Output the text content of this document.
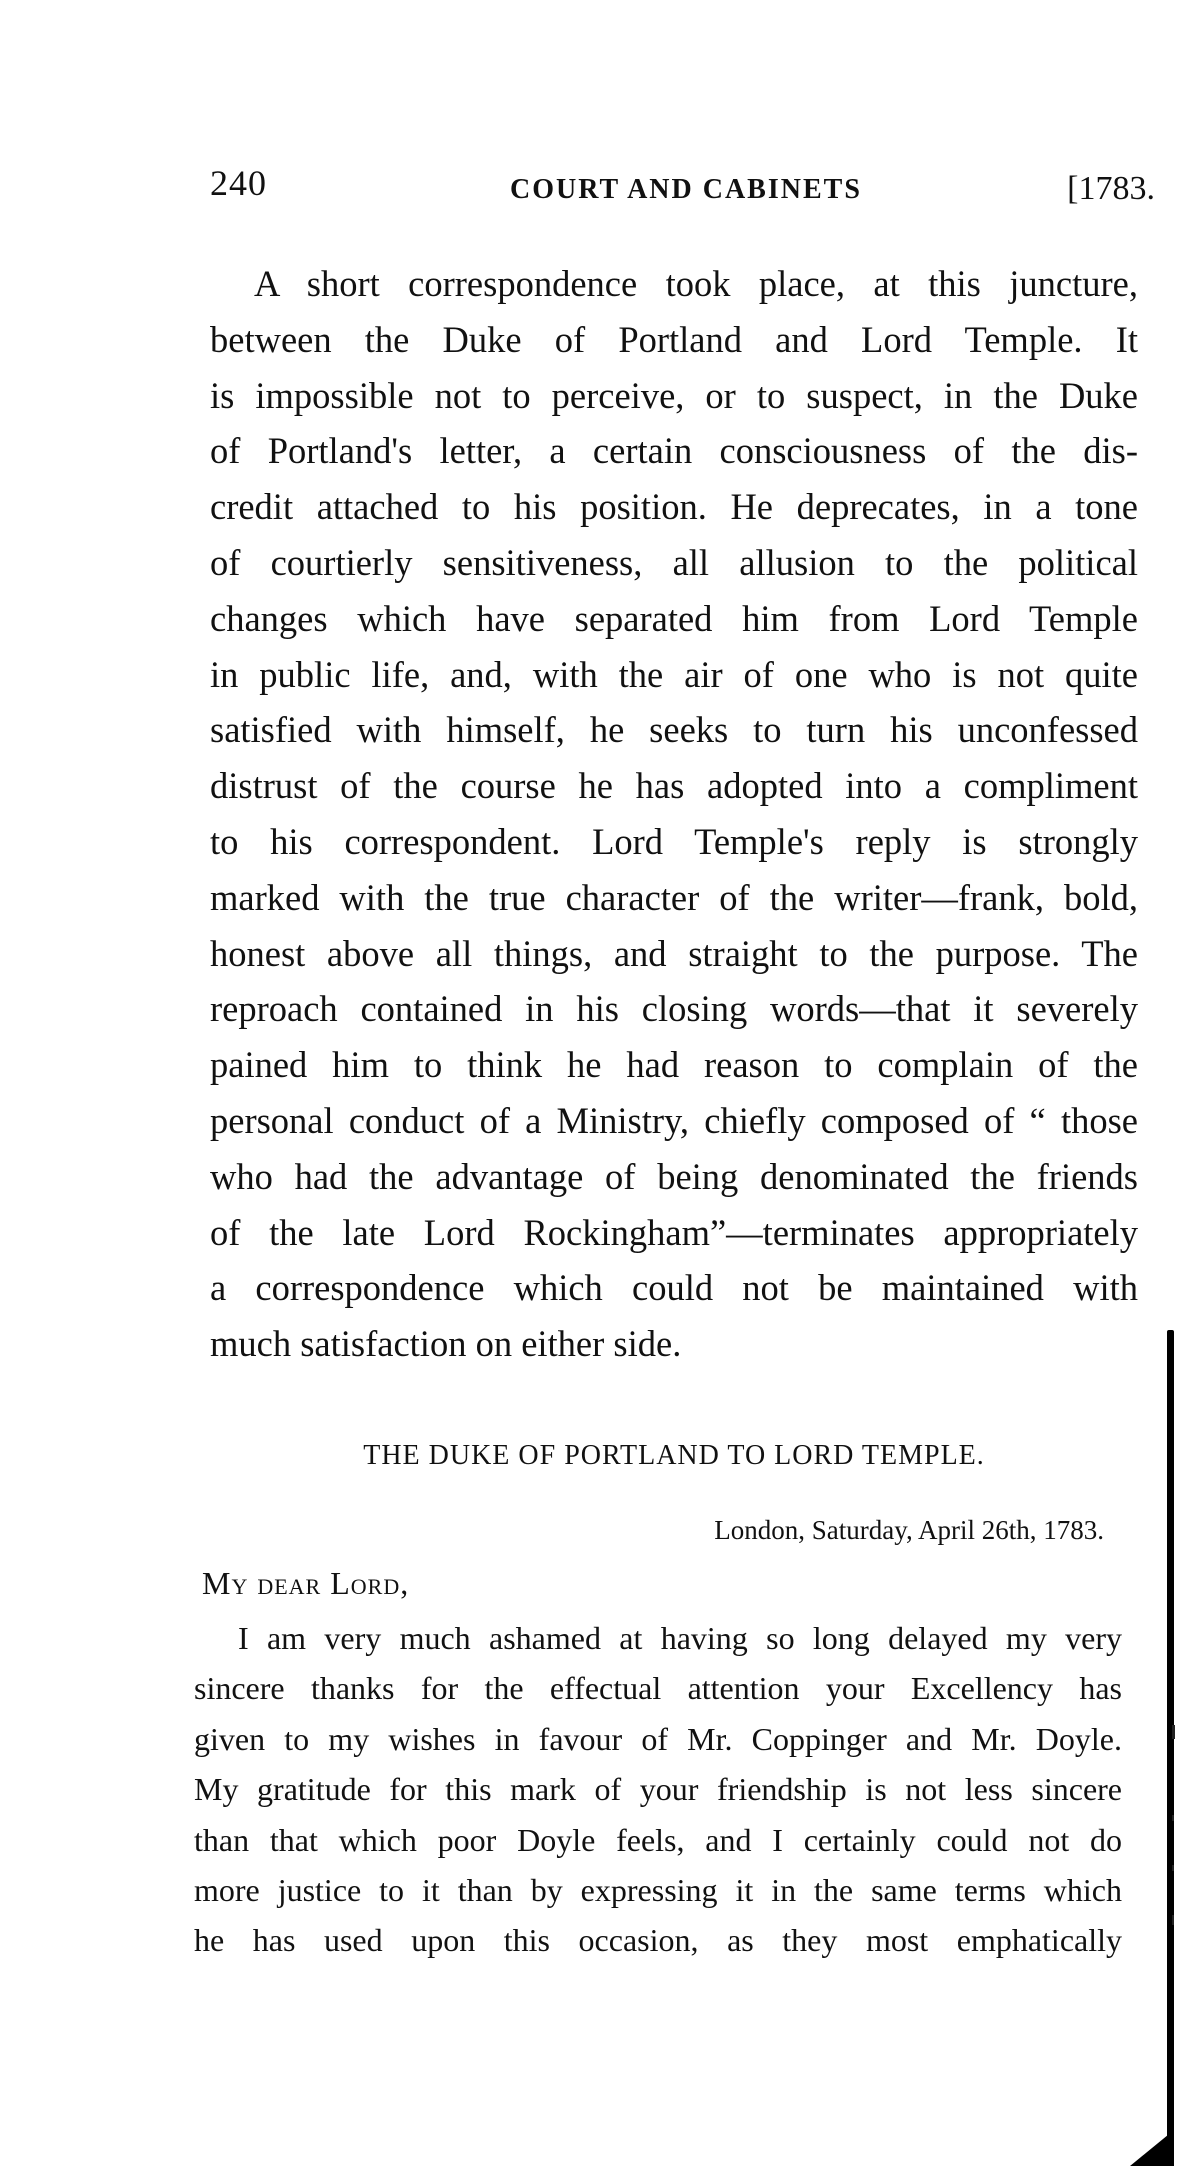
240	COURT AND CABINETS	[1783.
A short correspondence took place, at this juncture,
between the Duke of Portland and Lord Temple. It
is impossible not to perceive, or to suspect, in the Duke
of Portland's letter, a certain consciousness of the dis-
credit attached to his position. He deprecates, in a tone
of courtierly sensitiveness, all allusion to the political
changes which have separated him from Lord Temple
in public life, and, with the air of one who is not quite
satisfied with himself, he seeks to turn his unconfessed
distrust of the course he has adopted into a compliment
to his correspondent. Lord Temple's reply is strongly
marked with the true character of the writer—frank, bold,
honest above all things, and straight to the purpose. The
reproach contained in his closing words—that it severely
pained him to think he had reason to complain of the
personal conduct of a Ministry, chiefly composed of “ those
who had the advantage of being denominated the friends
of the late Lord Rockingham”—terminates appropriately
a correspondence which could not be maintained with
much satisfaction on either side.
THE DUKE OF PORTLAND TO LORD TEMPLE.
London, Saturday, April 26th, 1783.
My dear Lord,
I am very much ashamed at having so long delayed my very
sincere thanks for the effectual attention your Excellency has
given to my wishes in favour of Mr. Coppinger and Mr. Doyle.
My gratitude for this mark of your friendship is not less sincere
than that which poor Doyle feels, and I certainly could not do
more justice to it than by expressing it in the same terms which
he has used upon this occasion, as they most emphatically
